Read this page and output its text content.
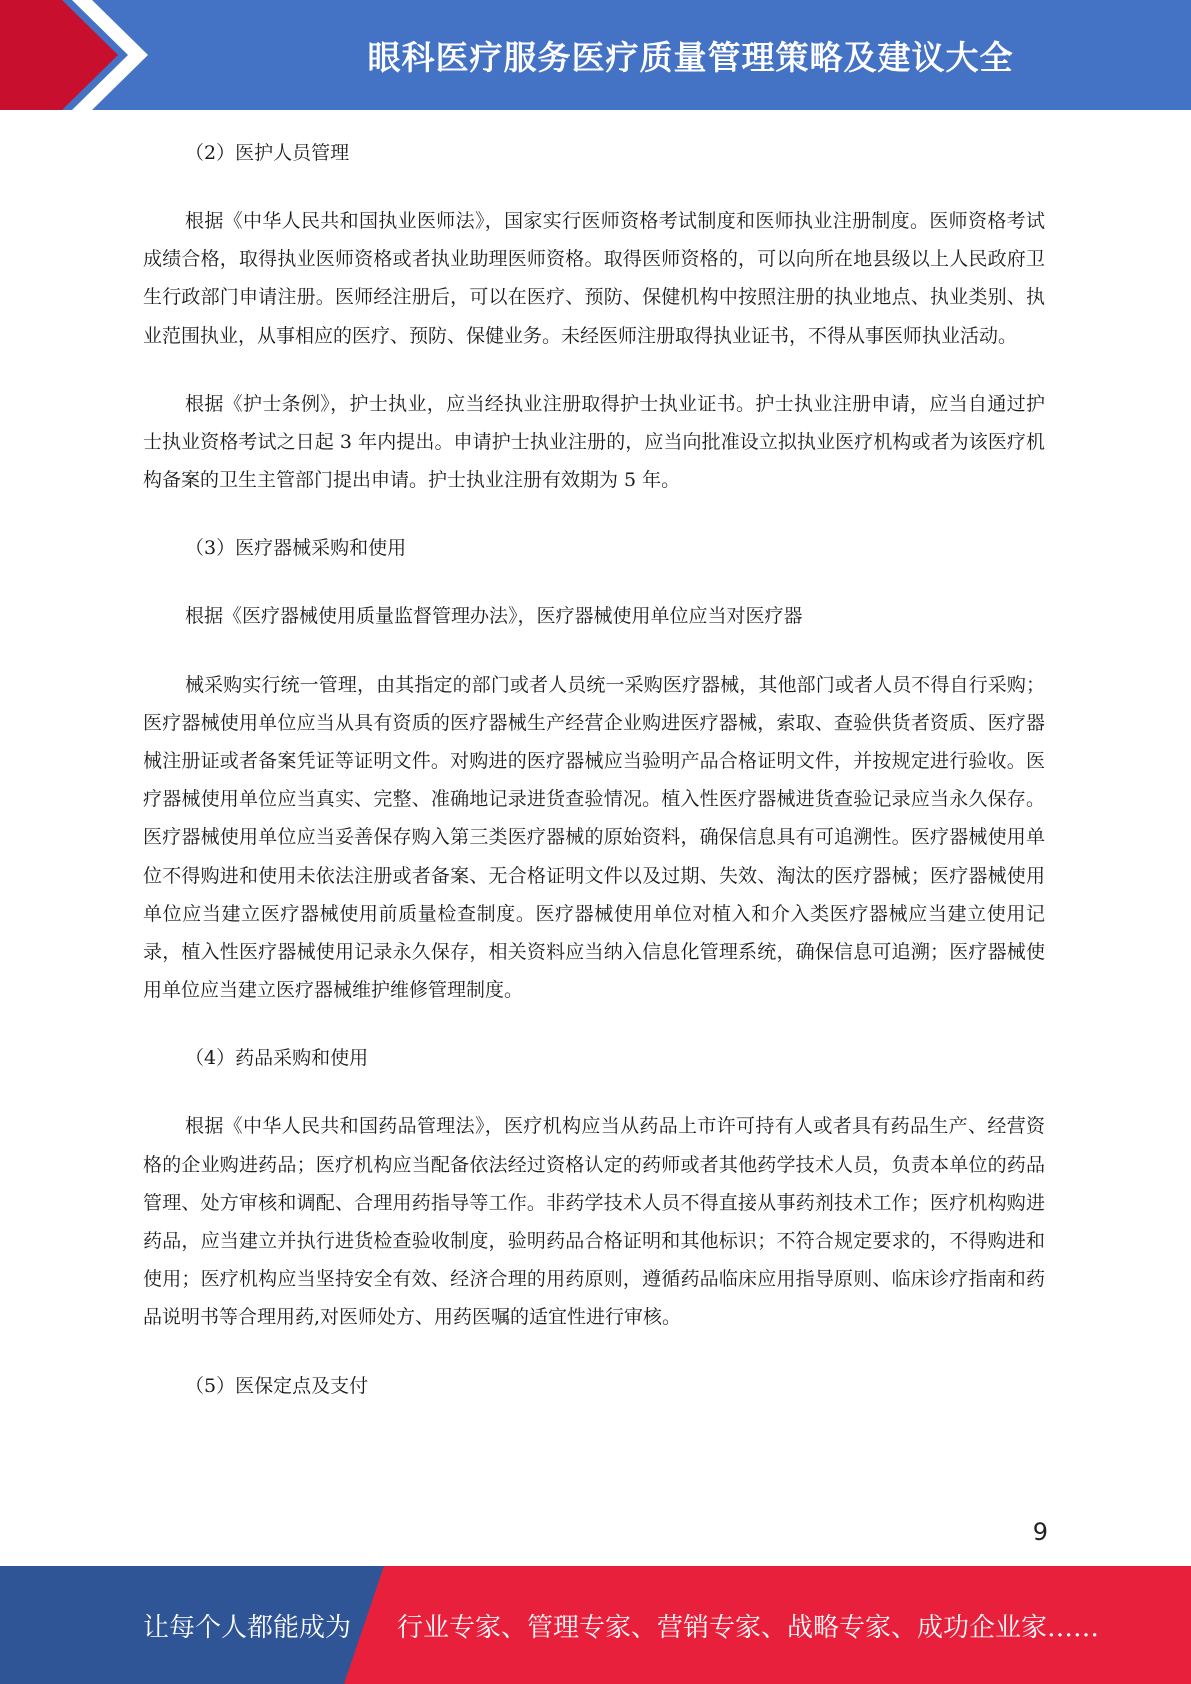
眼科医疗服务医疗质量管理策略及建议大全

（2）医护人员管理

根据《中华人民共和国执业医师法》，国家实行医师资格考试制度和医师执业注册制度。医师资格考试成绩合格，取得执业医师资格或者执业助理医师资格。取得医师资格的，可以向所在地县级以上人民政府卫生行政部门申请注册。医师经注册后，可以在医疗、预防、保健机构中按照注册的执业地点、执业类别、执业范围执业，从事相应的医疗、预防、保健业务。未经医师注册取得执业证书，不得从事医师执业活动。

根据《护士条例》，护士执业，应当经执业注册取得护士执业证书。护士执业注册申请，应当自通过护士执业资格考试之日起 3 年内提出。申请护士执业注册的，应当向批准设立拟执业医疗机构或者为该医疗机构备案的卫生主管部门提出申请。护士执业注册有效期为 5 年。

（3）医疗器械采购和使用

根据《医疗器械使用质量监督管理办法》，医疗器械使用单位应当对医疗器

械采购实行统一管理，由其指定的部门或者人员统一采购医疗器械，其他部门或者人员不得自行采购；医疗器械使用单位应当从具有资质的医疗器械生产经营企业购进医疗器械，索取、查验供货者资质、医疗器械注册证或者备案凭证等证明文件。对购进的医疗器械应当验明产品合格证明文件，并按规定进行验收。医疗器械使用单位应当真实、完整、准确地记录进货查验情况。植入性医疗器械进货查验记录应当永久保存。医疗器械使用单位应当妥善保存购入第三类医疗器械的原始资料，确保信息具有可追溯性。医疗器械使用单位不得购进和使用未依法注册或者备案、无合格证明文件以及过期、失效、淘汰的医疗器械；医疗器械使用单位应当建立医疗器械使用前质量检查制度。医疗器械使用单位对植入和介入类医疗器械应当建立使用记录，植入性医疗器械使用记录永久保存，相关资料应当纳入信息化管理系统，确保信息可追溯；医疗器械使用单位应当建立医疗器械维护维修管理制度。

（4）药品采购和使用

根据《中华人民共和国药品管理法》，医疗机构应当从药品上市许可持有人或者具有药品生产、经营资格的企业购进药品；医疗机构应当配备依法经过资格认定的药师或者其他药学技术人员，负责本单位的药品管理、处方审核和调配、合理用药指导等工作。非药学技术人员不得直接从事药剂技术工作；医疗机构购进药品，应当建立并执行进货检查验收制度，验明药品合格证明和其他标识；不符合规定要求的，不得购进和使用；医疗机构应当坚持安全有效、经济合理的用药原则，遵循药品临床应用指导原则、临床诊疗指南和药品说明书等合理用药,对医师处方、用药医嘱的适宜性进行审核。

（5）医保定点及支付

9
让每个人都能成为 行业专家、管理专家、营销专家、战略专家、成功企业家……
